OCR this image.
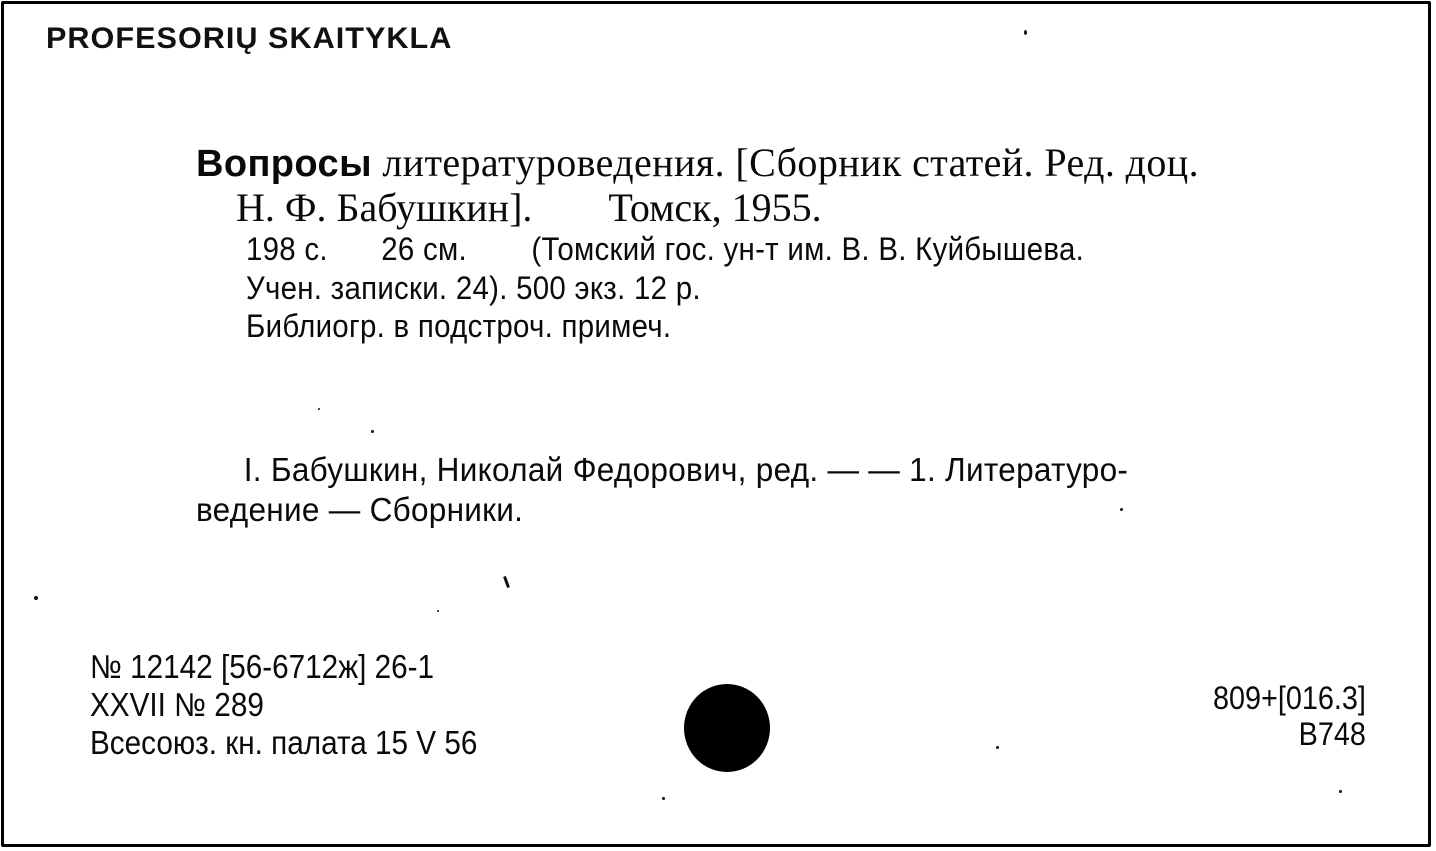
PROFESORIŲ SKAITYKLA
Вопросы литературоведения. [Сборник статей. Ред. доц.
Н. Ф. Бабушкин]. Томск, 1955.
198 с. 26 см. (Томский гос. ун-т им. В. В. Куйбышева.
Учен. записки. 24). 500 экз. 12 р.
Библиогр. в подстроч. примеч.
I. Бабушкин, Николай Федорович, ред. — — 1. Литературо-
ведение — Сборники.
№ 12142 [56-6712ж] 26-1
XXVII № 289
Всесоюз. кн. палата 15 V 56
809+[016.3]
В748
